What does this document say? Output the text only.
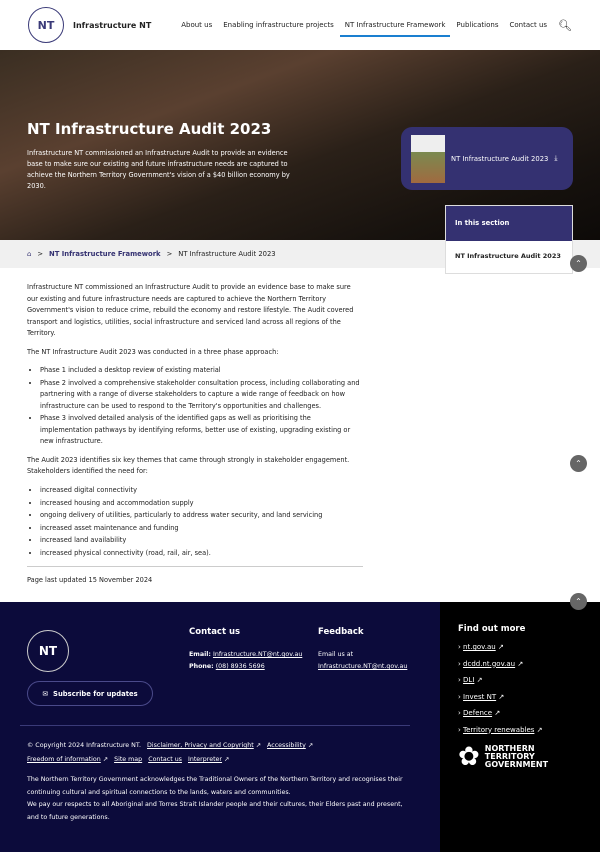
NT	Infrastructure NT	About us Enabling infrastructure projects NT Infrastructure Framework Publications Contact us 🔍︎
NT Infrastructure Audit 2023

Infrastructure NT commissioned an Infrastructure Audit to provide an evidence base to make sure our existing and future infrastructure needs are captured to achieve the Northern Territory Government's vision of a $40 billion economy by 2030.

NT Infrastructure Audit 2023 ⤓
In this section
NT Infrastructure Audit 2023
⌂ > NT Infrastructure Framework > NT Infrastructure Audit 2023
⌃
⌃
⌃

Infrastructure NT commissioned an Infrastructure Audit to provide an evidence base to make sure our existing and future infrastructure needs are captured to achieve the Northern Territory Government's vision to reduce crime, rebuild the economy and restore lifestyle. The Audit covered transport and logistics, utilities, social infrastructure and serviced land across all regions of the Territory.

The NT Infrastructure Audit 2023 was conducted in a three phase approach:

• Phase 1 included a desktop review of existing material
• Phase 2 involved a comprehensive stakeholder consultation process, including collaborating and partnering with a range of diverse stakeholders to capture a wide range of feedback on how infrastructure can be used to respond to the Territory's opportunities and challenges.
• Phase 3 involved detailed analysis of the identified gaps as well as prioritising the implementation pathways by identifying reforms, better use of existing, upgrading existing or new infrastructure.

The Audit 2023 identifies six key themes that came through strongly in stakeholder engagement. Stakeholders identified the need for:

• increased digital connectivity
• increased housing and accommodation supply
• ongoing delivery of utilities, particularly to address water security, and land servicing
• increased asset maintenance and funding
• increased land availability
• increased physical connectivity (road, rail, air, sea).
Page last updated 15 November 2024
NT
✉ Subscribe for updates
Contact us
Email: Infrastructure.NT@nt.gov.au
Phone: (08) 8936 5696
Feedback
Email us at
Infrastructure.NT@nt.gov.au
© Copyright 2024 Infrastructure NT. Disclaimer, Privacy and Copyright ↗ Accessibility ↗
Freedom of information ↗ Site map Contact us Interpreter ↗
The Northern Territory Government acknowledges the Traditional Owners of the Northern Territory and recognises their continuing cultural and spiritual connections to the lands, waters and communities.
We pay our respects to all Aboriginal and Torres Strait Islander people and their cultures, their Elders past and present, and to future generations.
Find out more
› nt.gov.au ↗
› dcdd.nt.gov.au ↗
› DLI ↗
› Invest NT ↗
› Defence ↗
› Territory renewables ↗
✿ NORTHERN TERRITORY GOVERNMENT
